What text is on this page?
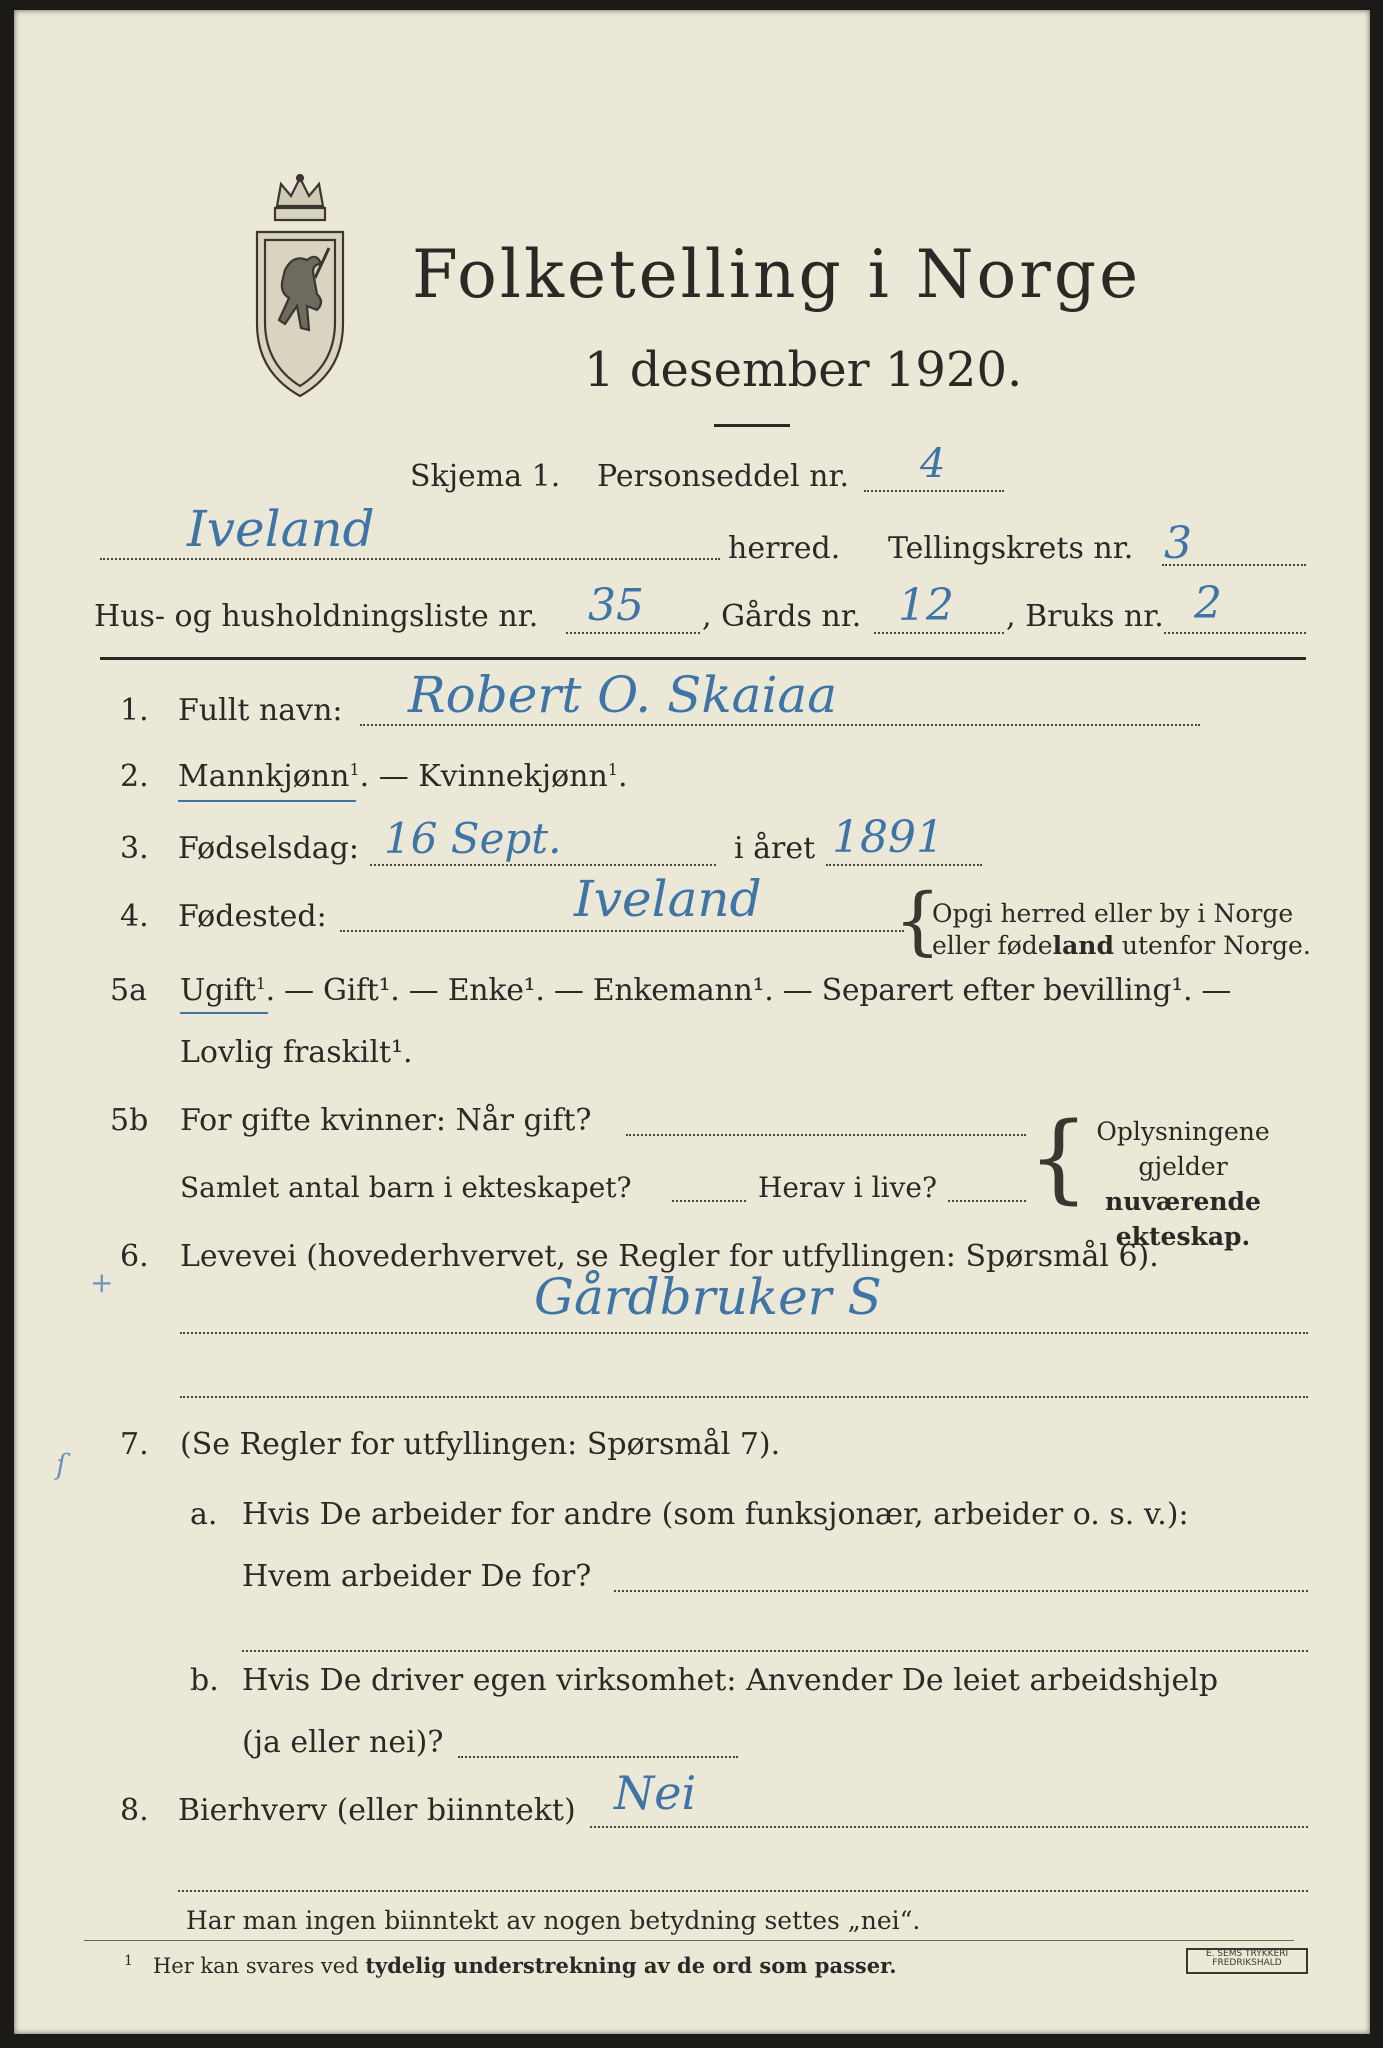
Folketelling i Norge
1 desember 1920.
Skjema 1. Personseddel nr. 4
Iveland	herred. Tellingskrets nr. 3
Hus- og husholdningsliste nr. 35 , Gårds nr. 12 , Bruks nr. 2
1. Fullt navn: Robert O. Skaiaa
2. Mannkjønn$^1$. — Kvinnekjønn$^1$.
3. Fødselsdag: 16 Sept.	i året 1891
4. Fødested:	Iveland {
Opgi herred eller by i Norge
eller fødeland utenfor Norge.
5a Ugift$^1$. — Gift¹. — Enke¹. — Enkemann¹. — Separert efter bevilling¹. —
Lovlig fraskilt¹.
5b For gifte kvinner: Når gift?
Samlet antal barn i ekteskapet?	Herav i live? { Oplysningene
gjelder nuværende
ekteskap.
6. Levevei (hovederhvervet, se Regler for utfyllingen: Spørsmål 6).
+	Gårdbruker S
7. (Se Regler for utfyllingen: Spørsmål 7).
ſ
a. Hvis De arbeider for andre (som funksjonær, arbeider o. s. v.):
Hvem arbeider De for?
b. Hvis De driver egen virksomhet: Anvender De leiet arbeidshjelp
(ja eller nei)?
8. Bierhverv (eller biinntekt) Nei
Har man ingen biinntekt av nogen betydning settes „nei“.
$^1$ Her kan svares ved tydelig understrekning av de ord som passer.	E. SEMS TRYKKERI FREDRIKSHALD
